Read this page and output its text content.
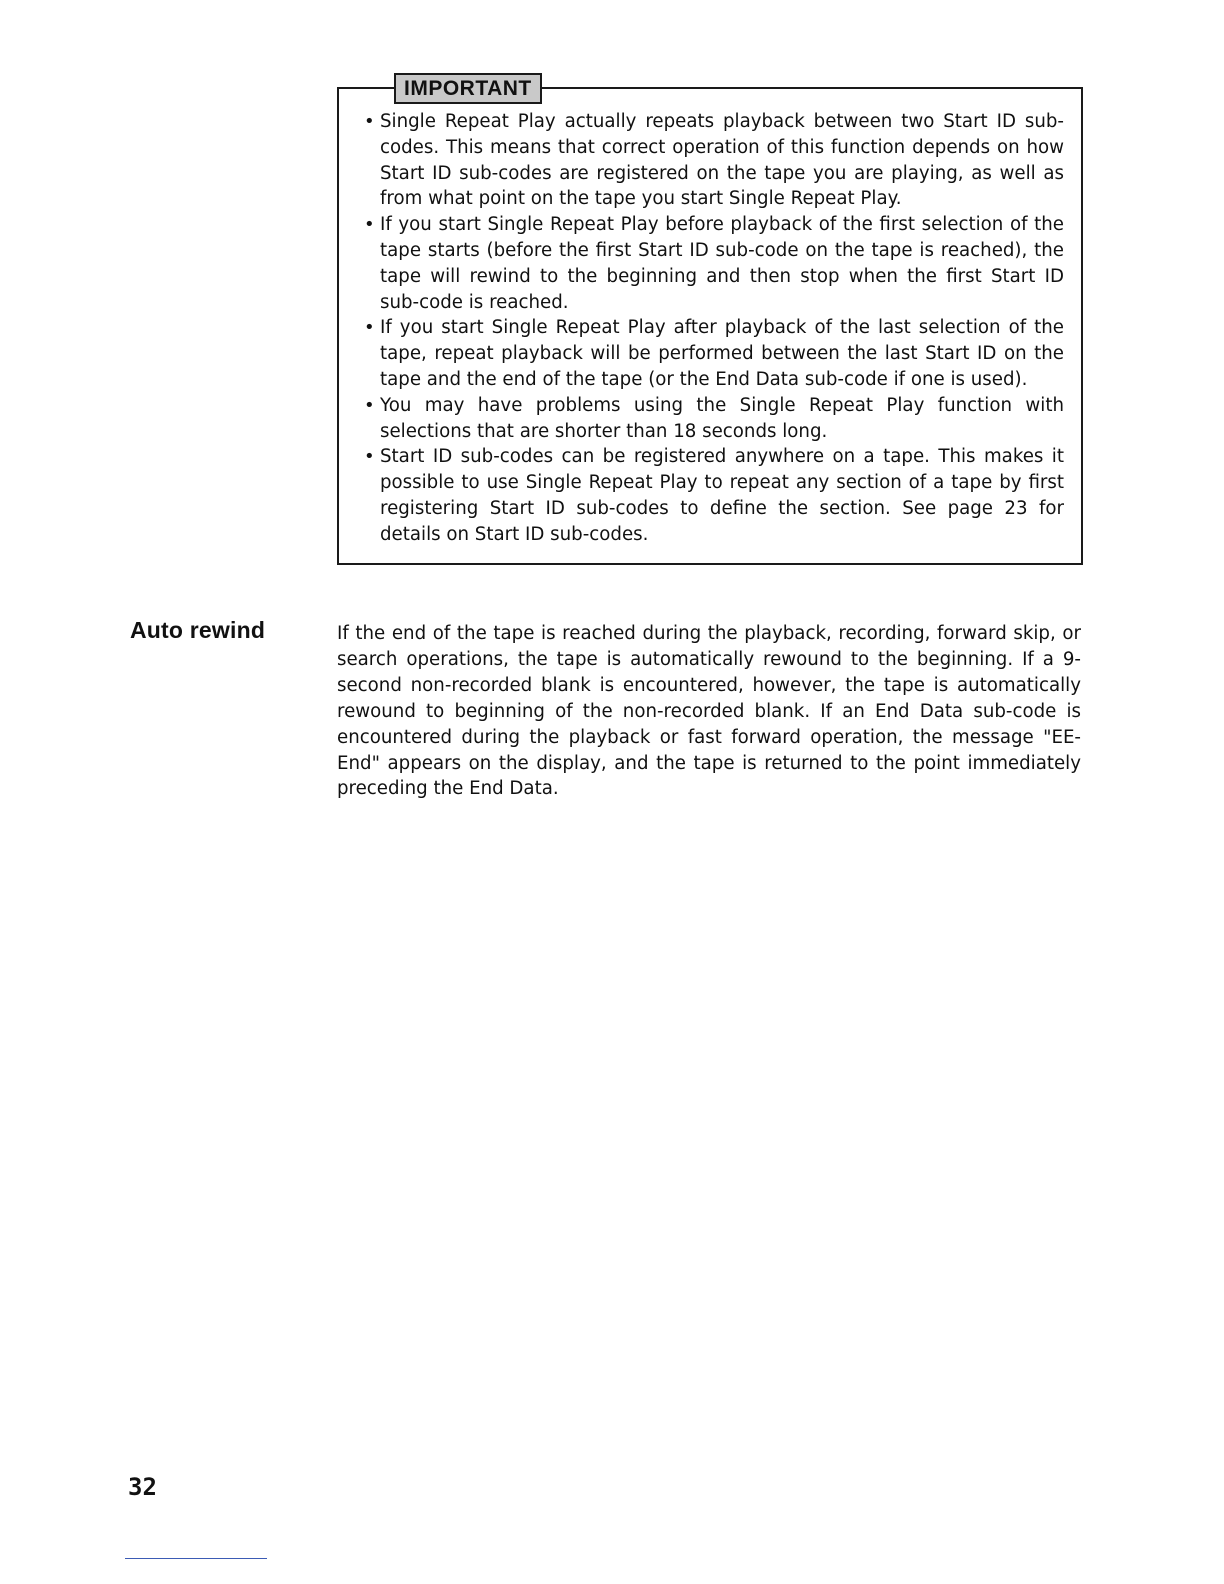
IMPORTANT
• Single Repeat Play actually repeats playback between two Start ID sub-codes. This means that correct operation of this function depends on how Start ID sub-codes are registered on the tape you are playing, as well as from what point on the tape you start Single Repeat Play.
• If you start Single Repeat Play before playback of the first selection of the tape starts (before the first Start ID sub-code on the tape is reached), the tape will rewind to the beginning and then stop when the first Start ID sub-code is reached.
• If you start Single Repeat Play after playback of the last selection of the tape, repeat playback will be performed between the last Start ID on the tape and the end of the tape (or the End Data sub-code if one is used).
• You may have problems using the Single Repeat Play function with selections that are shorter than 18 seconds long.
• Start ID sub-codes can be registered anywhere on a tape. This makes it possible to use Single Repeat Play to repeat any section of a tape by first registering Start ID sub-codes to define the section. See page 23 for details on Start ID sub-codes.
Auto rewind	If the end of the tape is reached during the playback, recording, forward skip, or search operations, the tape is automatically rewound to the beginning. If a 9-second non-recorded blank is encountered, however, the tape is automatically rewound to beginning of the non-recorded blank. If an End Data sub-code is encountered during the playback or fast forward operation, the message "EE-End" appears on the display, and the tape is returned to the point immediately preceding the End Data.

32
